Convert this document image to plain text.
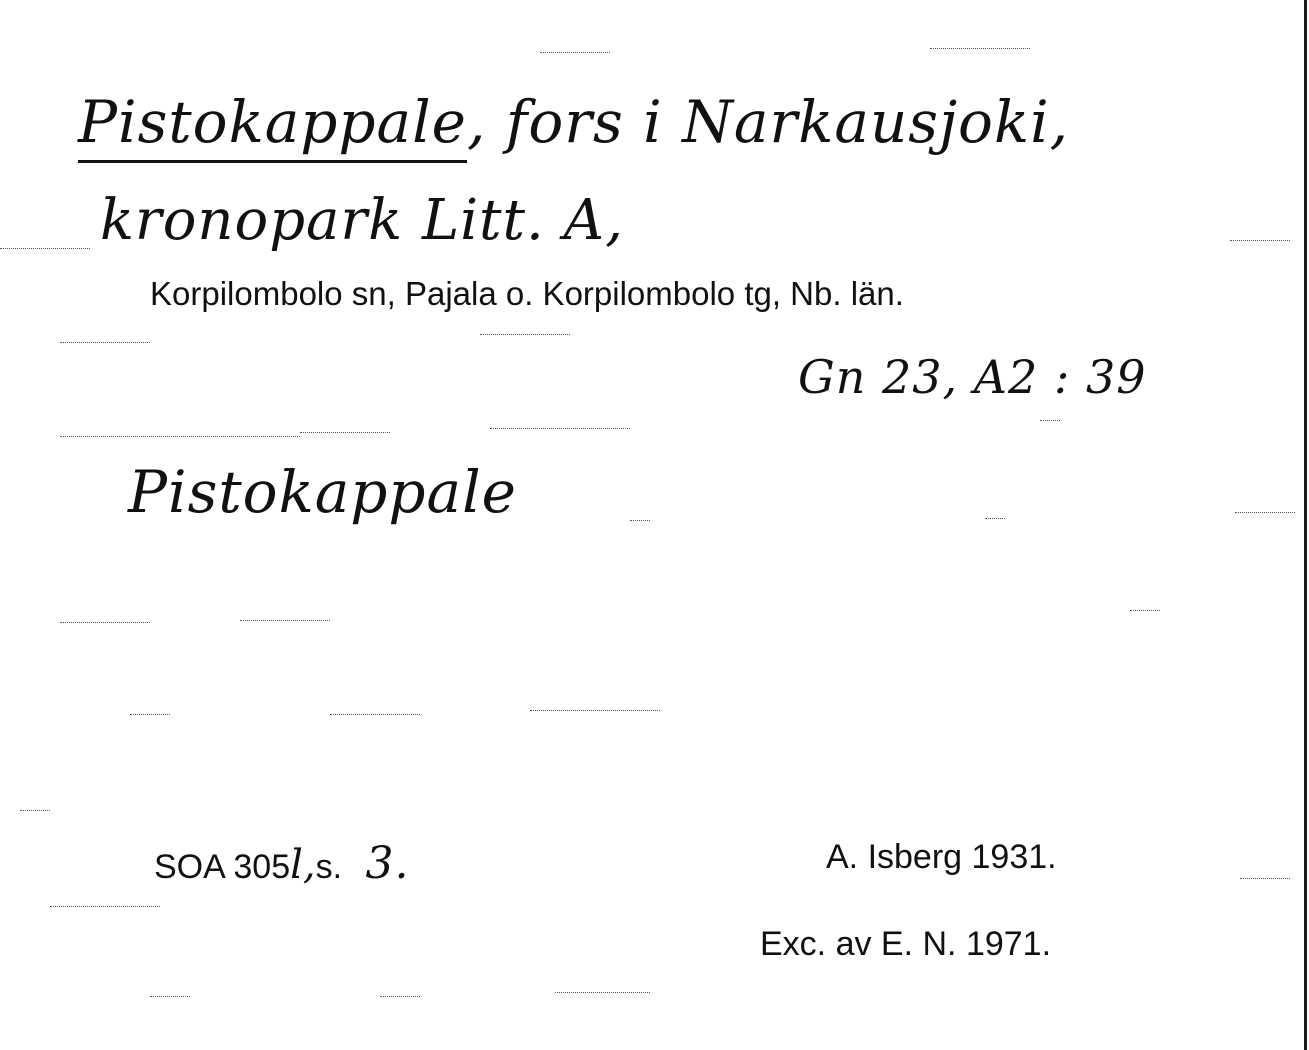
Pistokappale, fors i Narkausjoki,
kronopark Litt. A,
Korpilombolo sn, Pajala o. Korpilombolo tg, Nb. län.
Gn 23, A2 : 39
Pistokappale
SOA 305l,s. 3.	A. Isberg 1931.
Exc. av E. N. 1971.
